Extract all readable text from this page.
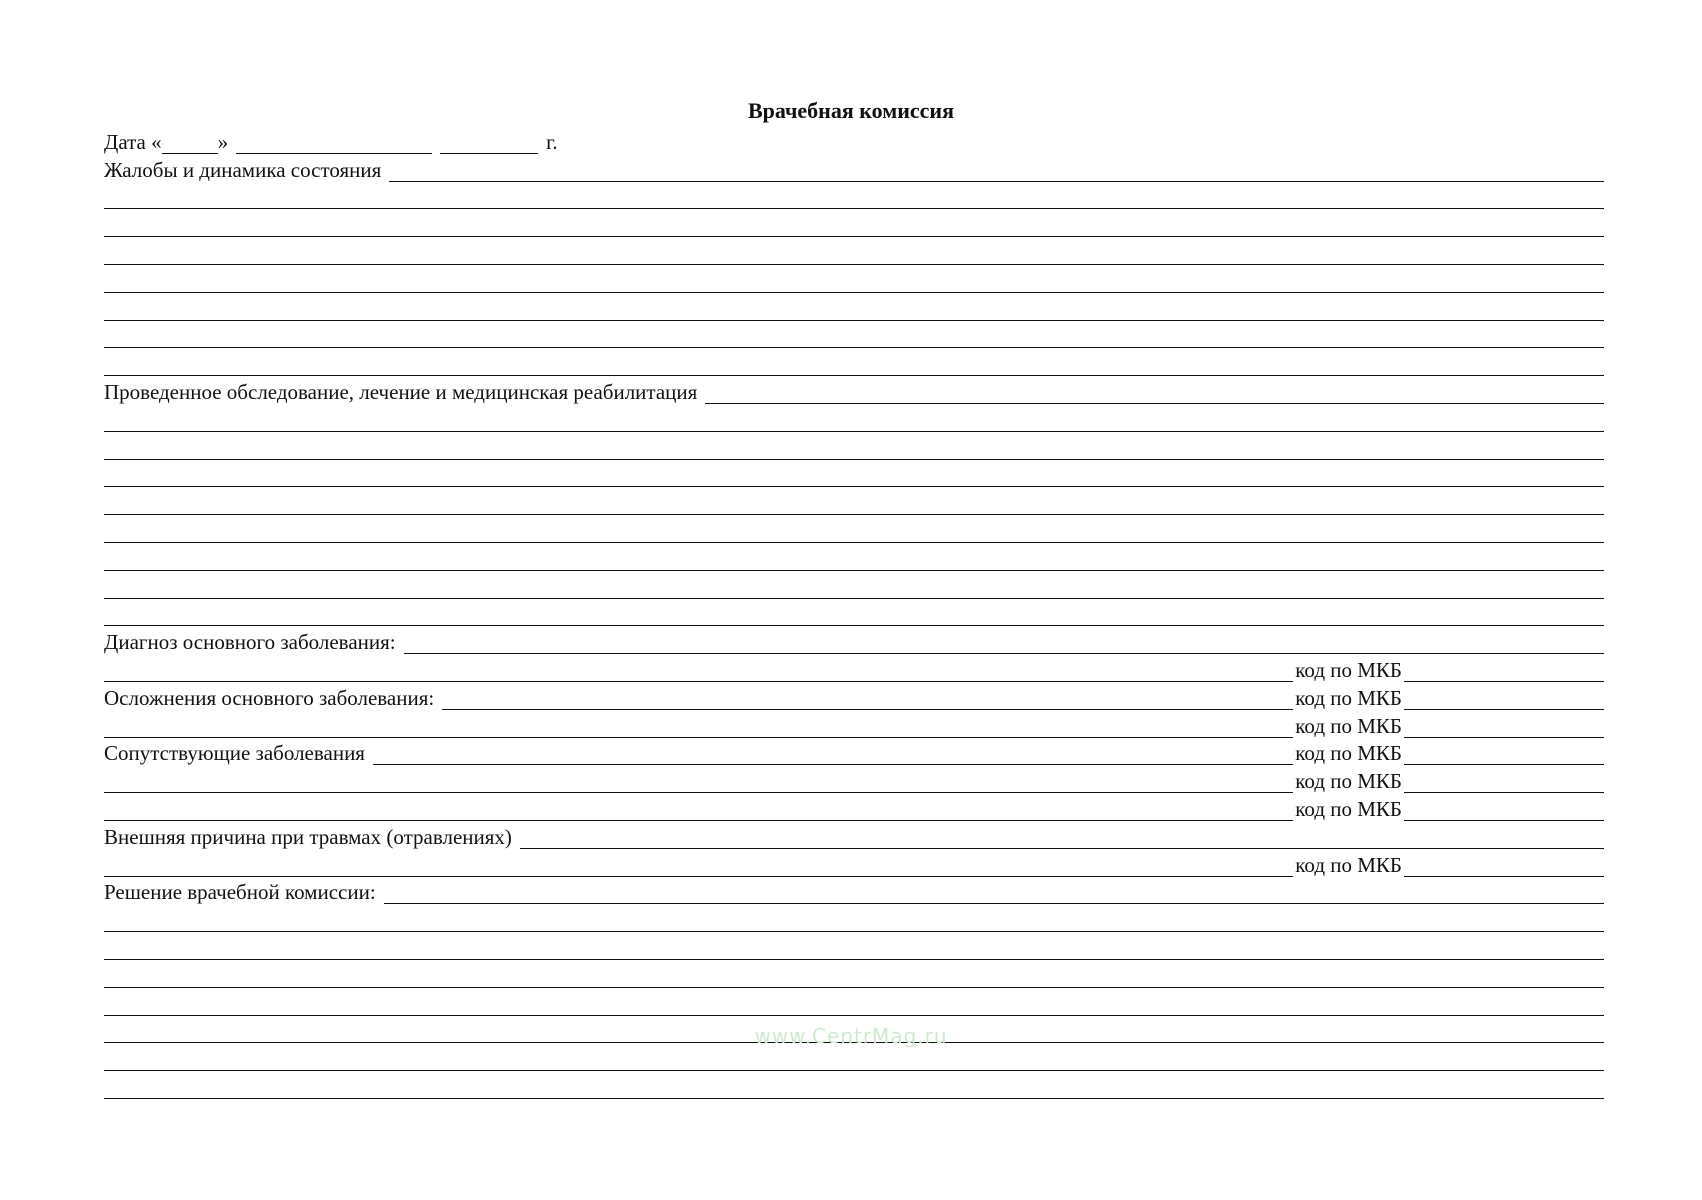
Врачебная комиссия
Дата «	»	г.
Жалобы и динамика состояния
Проведенное обследование, лечение и медицинская реабилитация
Диагноз основного заболевания:
код по МКБ
Осложнения основного заболевания:	код по МКБ
код по МКБ
Сопутствующие заболевания	код по МКБ
код по МКБ
код по МКБ
Внешняя причина при травмах (отравлениях)
код по МКБ
Решение врачебной комиссии:
www.CentrMag.ru
